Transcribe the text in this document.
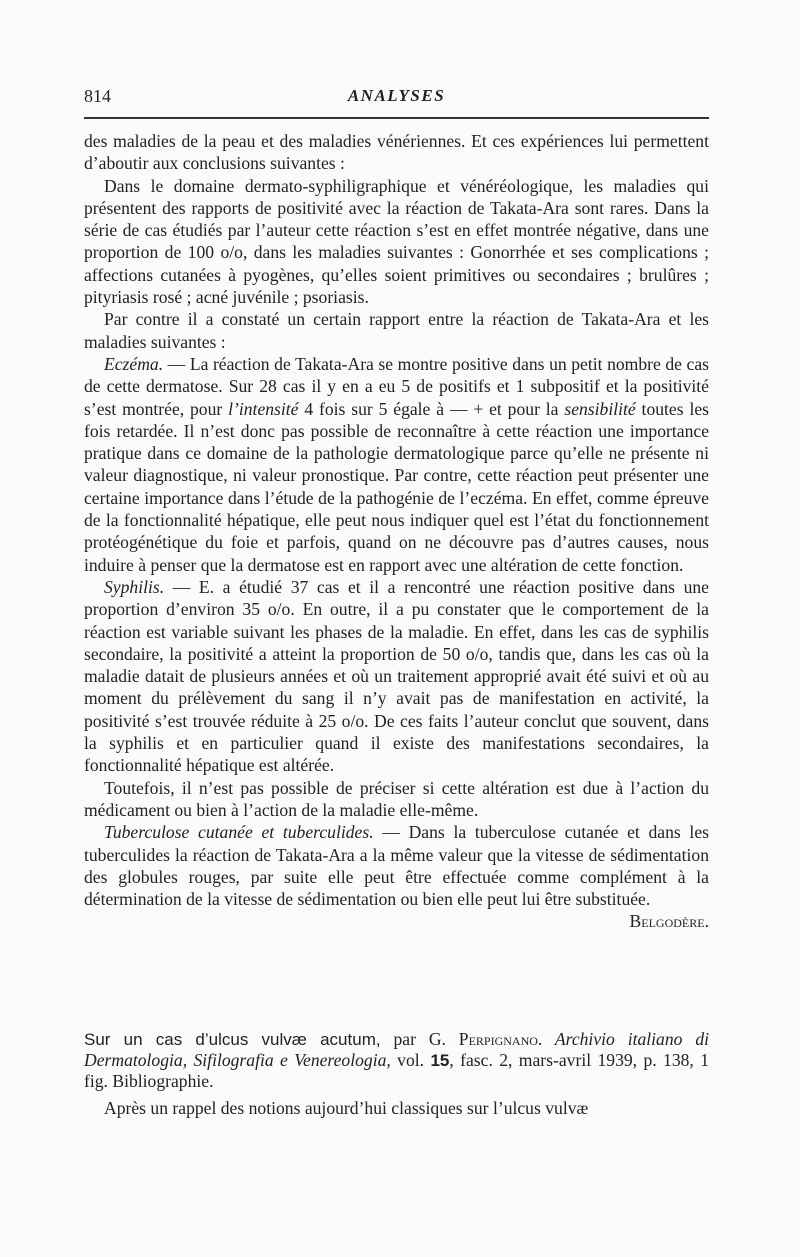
814	ANALYSES

des maladies de la peau et des maladies vénériennes. Et ces expériences lui permettent d’aboutir aux conclusions suivantes :

Dans le domaine dermato-syphiligraphique et vénéréologique, les maladies qui présentent des rapports de positivité avec la réaction de Takata-Ara sont rares. Dans la série de cas étudiés par l’auteur cette réaction s’est en effet montrée négative, dans une proportion de 100 o/o, dans les maladies suivantes : Gonorrhée et ses complications ; affections cutanées à pyogènes, qu’elles soient primitives ou secondaires ; brulûres ; pityriasis rosé ; acné juvénile ; psoriasis.

Par contre il a constaté un certain rapport entre la réaction de Takata-Ara et les maladies suivantes :

Eczéma. — La réaction de Takata-Ara se montre positive dans un petit nombre de cas de cette dermatose. Sur 28 cas il y en a eu 5 de positifs et 1 subpositif et la positivité s’est montrée, pour l’intensité 4 fois sur 5 égale à — + et pour la sensibilité toutes les fois retardée. Il n’est donc pas possible de reconnaître à cette réaction une importance pratique dans ce domaine de la pathologie dermatologique parce qu’elle ne présente ni valeur diagnostique, ni valeur pronostique. Par contre, cette réaction peut présenter une certaine importance dans l’étude de la pathogénie de l’eczéma. En effet, comme épreuve de la fonctionnalité hépatique, elle peut nous indiquer quel est l’état du fonctionnement protéogénétique du foie et parfois, quand on ne découvre pas d’autres causes, nous induire à penser que la dermatose est en rapport avec une altération de cette fonction.

Syphilis. — E. a étudié 37 cas et il a rencontré une réaction positive dans une proportion d’environ 35 o/o. En outre, il a pu constater que le comportement de la réaction est variable suivant les phases de la maladie. En effet, dans les cas de syphilis secondaire, la positivité a atteint la proportion de 50 o/o, tandis que, dans les cas où la maladie datait de plusieurs années et où un traitement approprié avait été suivi et où au moment du prélèvement du sang il n’y avait pas de manifestation en activité, la positivité s’est trouvée réduite à 25 o/o. De ces faits l’auteur conclut que souvent, dans la syphilis et en particulier quand il existe des manifestations secondaires, la fonctionnalité hépatique est altérée.

Toutefois, il n’est pas possible de préciser si cette altération est due à l’action du médicament ou bien à l’action de la maladie elle-même.

Tuberculose cutanée et tuberculides. — Dans la tuberculose cutanée et dans les tuberculides la réaction de Takata-Ara a la même valeur que la vitesse de sédimentation des globules rouges, par suite elle peut être effectuée comme complément à la détermination de la vitesse de sédimentation ou bien elle peut lui être substituée.
Belgodère.

Sur un cas d’ulcus vulvæ acutum, par G. Perpignano. Archivio italiano di Dermatologia, Sifilografia e Venereologia, vol. 15, fasc. 2, mars-avril 1939, p. 138, 1 fig. Bibliographie.

Après un rappel des notions aujourd’hui classiques sur l’ulcus vulvæ
